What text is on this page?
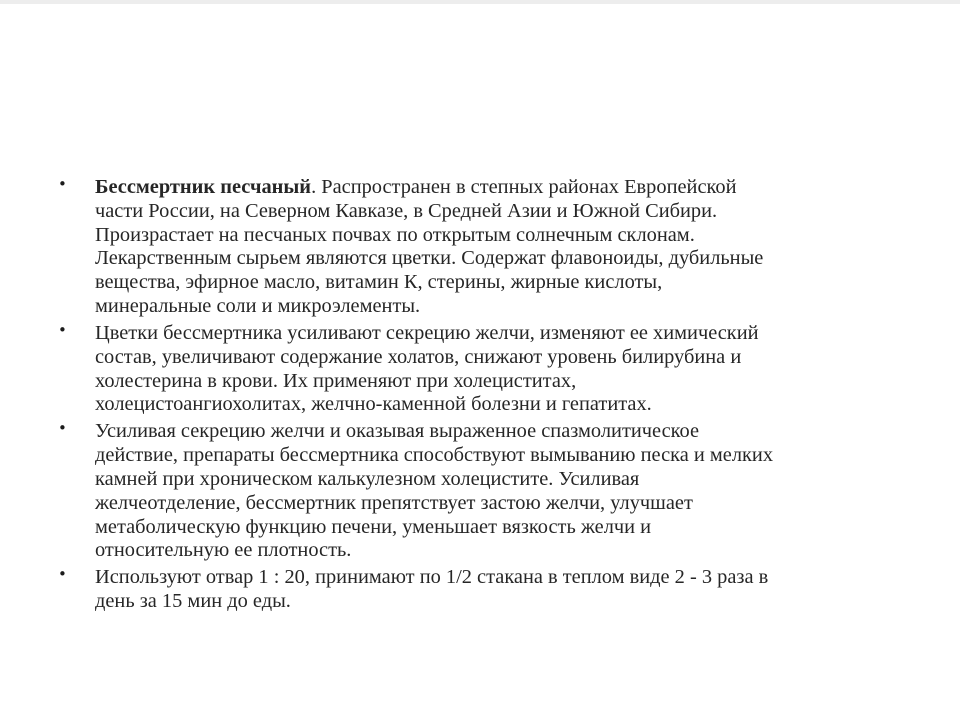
• Бессмертник песчаный. Распространен в степных районах Европейской
части России, на Северном Кавказе, в Средней Азии и Южной Сибири.
Произрастает на песчаных почвах по открытым солнечным склонам.
Лекарственным сырьем являются цветки. Содержат флавоноиды, дубильные
вещества, эфирное масло, витамин К, стерины, жирные кислоты,
минеральные соли и микроэлементы.
• Цветки бессмертника усиливают секрецию желчи, изменяют ее химический
состав, увеличивают содержание холатов, снижают уровень билирубина и
холестерина в крови. Их применяют при холециститах,
холецистоангиохолитах, желчно-каменной болезни и гепатитах.
• Усиливая секрецию желчи и оказывая выраженное спазмолитическое
действие, препараты бессмертника способствуют вымыванию песка и мелких
камней при хроническом калькулезном холецистите. Усиливая
желчеотделение, бессмертник препятствует застою желчи, улучшает
метаболическую функцию печени, уменьшает вязкость желчи и
относительную ее плотность.
• Используют отвар 1 : 20, принимают по 1/2 стакана в теплом виде 2 - 3 раза в
день за 15 мин до еды.
